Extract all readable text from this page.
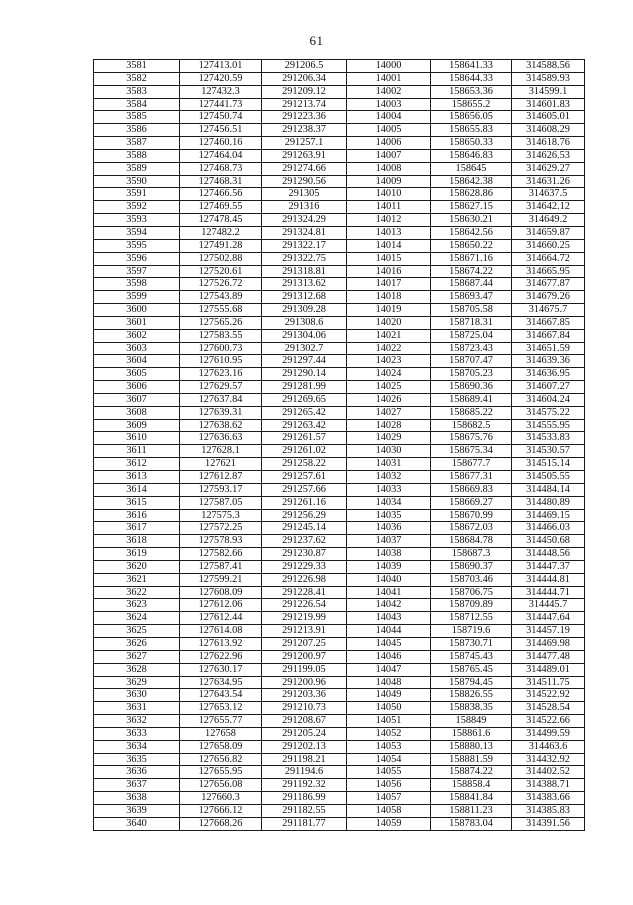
61
3581	127413.01	291206.5	14000	158641.33	314588.56
3582	127420.59	291206.34	14001	158644.33	314589.93
3583	127432.3	291209.12	14002	158653.36	314599.1
3584	127441.73	291213.74	14003	158655.2	314601.83
3585	127450.74	291223.36	14004	158656.05	314605.01
3586	127456.51	291238.37	14005	158655.83	314608.29
3587	127460.16	291257.1	14006	158650.33	314618.76
3588	127464.04	291263.91	14007	158646.83	314626.53
3589	127468.73	291274.66	14008	158645	314629.27
3590	127468.31	291290.56	14009	158642.38	314631.26
3591	127466.56	291305	14010	158628.86	314637.5
3592	127469.55	291316	14011	158627.15	314642.12
3593	127478.45	291324.29	14012	158630.21	314649.2
3594	127482.2	291324.81	14013	158642.56	314659.87
3595	127491.28	291322.17	14014	158650.22	314660.25
3596	127502.88	291322.75	14015	158671.16	314664.72
3597	127520.61	291318.81	14016	158674.22	314665.95
3598	127526.72	291313.62	14017	158687.44	314677.87
3599	127543.89	291312.68	14018	158693.47	314679.26
3600	127555.68	291309.28	14019	158705.58	314675.7
3601	127565.26	291308.6	14020	158718.31	314667.85
3602	127583.55	291304.06	14021	158725.04	314667.84
3603	127600.73	291302.7	14022	158723.43	314651.59
3604	127610.95	291297.44	14023	158707.47	314639.36
3605	127623.16	291290.14	14024	158705.23	314636.95
3606	127629.57	291281.99	14025	158690.36	314607.27
3607	127637.84	291269.65	14026	158689.41	314604.24
3608	127639.31	291265.42	14027	158685.22	314575.22
3609	127638.62	291263.42	14028	158682.5	314555.95
3610	127636.63	291261.57	14029	158675.76	314533.83
3611	127628.1	291261.02	14030	158675.34	314530.57
3612	127621	291258.22	14031	158677.7	314515.14
3613	127612.87	291257.61	14032	158677.31	314505.55
3614	127593.17	291257.66	14033	158669.83	314484.14
3615	127587.05	291261.16	14034	158669.27	314480.89
3616	127575.3	291256.29	14035	158670.99	314469.15
3617	127572.25	291245.14	14036	158672.03	314466.03
3618	127578.93	291237.62	14037	158684.78	314450.68
3619	127582.66	291230.87	14038	158687.3	314448.56
3620	127587.41	291229.33	14039	158690.37	314447.37
3621	127599.21	291226.98	14040	158703.46	314444.81
3622	127608.09	291228.41	14041	158706.75	314444.71
3623	127612.06	291226.54	14042	158709.89	314445.7
3624	127612.44	291219.99	14043	158712.55	314447.64
3625	127614.08	291213.91	14044	158719.6	314457.19
3626	127613.92	291207.25	14045	158730.71	314469.98
3627	127622.96	291200.97	14046	158745.43	314477.48
3628	127630.17	291199.05	14047	158765.45	314489.01
3629	127634.95	291200.96	14048	158794.45	314511.75
3630	127643.54	291203.36	14049	158826.55	314522.92
3631	127653.12	291210.73	14050	158838.35	314528.54
3632	127655.77	291208.67	14051	158849	314522.66
3633	127658	291205.24	14052	158861.6	314499.59
3634	127658.09	291202.13	14053	158880.13	314463.6
3635	127656.82	291198.21	14054	158881.59	314432.92
3636	127655.95	291194.6	14055	158874.22	314402.52
3637	127656.08	291192.32	14056	158858.4	314388.71
3638	127660.3	291186.99	14057	158841.84	314383.66
3639	127666.12	291182.55	14058	158811.23	314385.83
3640	127668.26	291181.77	14059	158783.04	314391.56
